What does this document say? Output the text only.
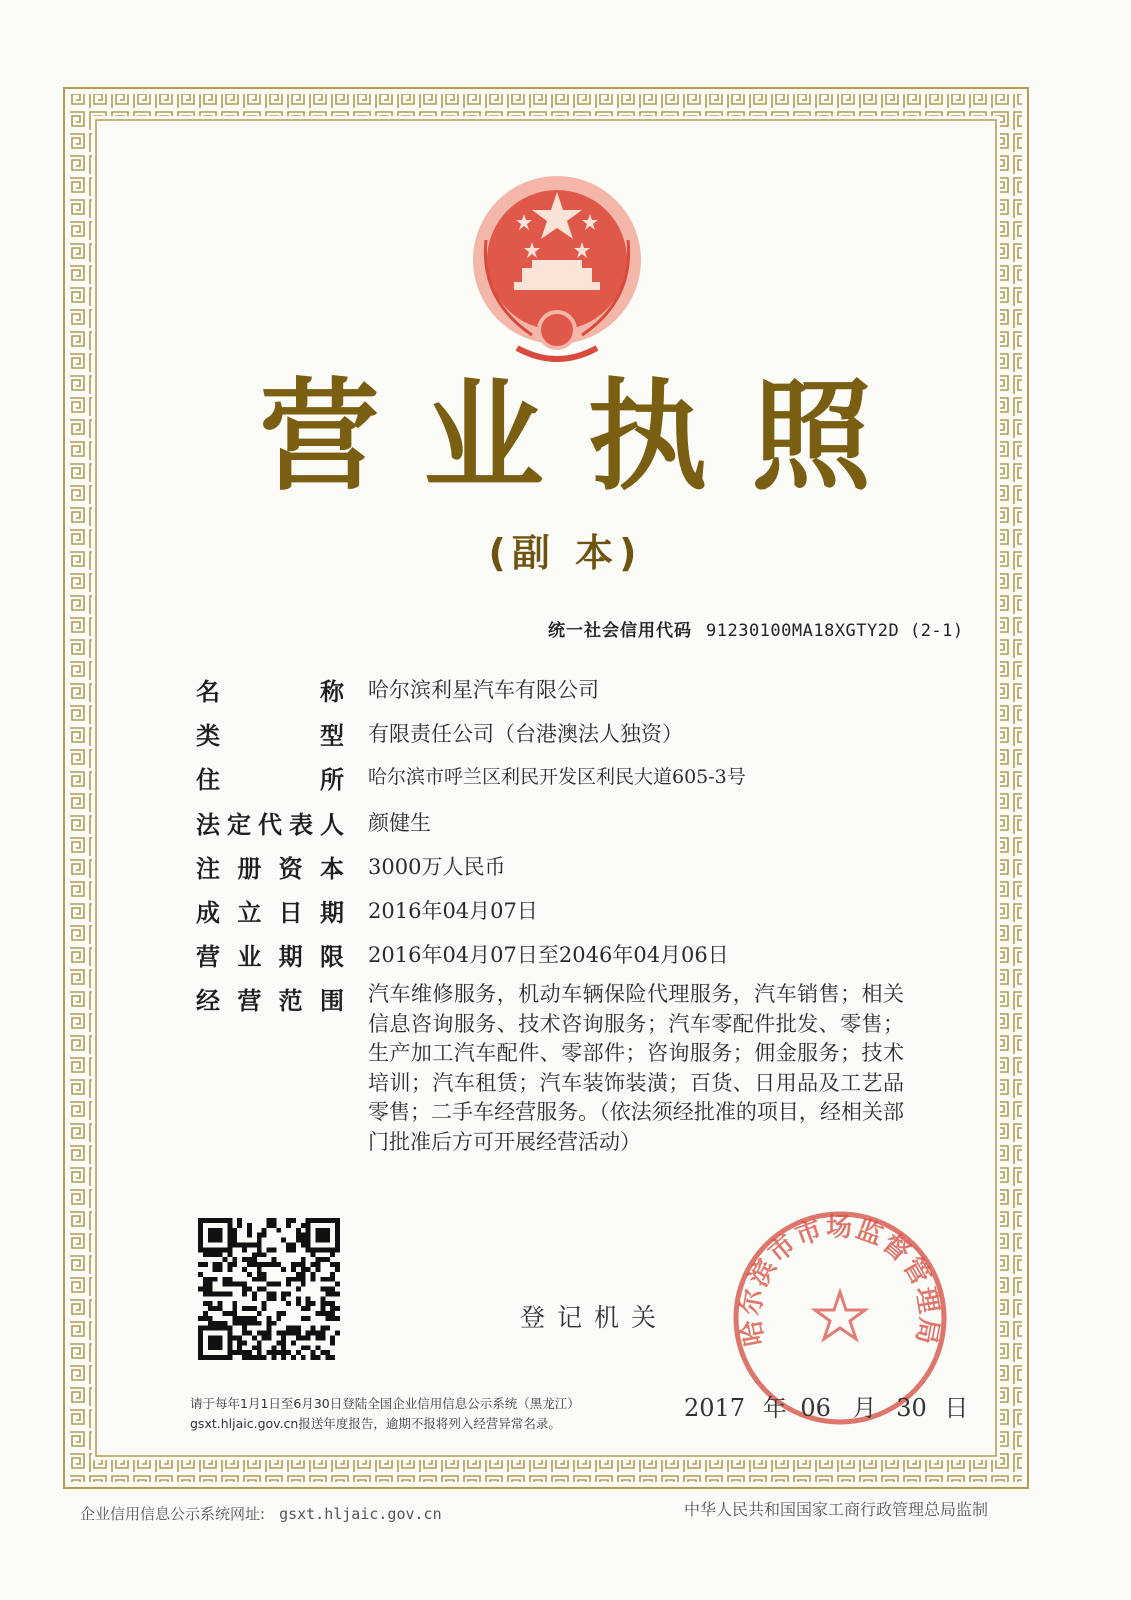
营业执照
(副 本)
统一社会信用代码 91230100MA18XGTY2D (2-1)
名称 哈尔滨利星汽车有限公司
类型 有限责任公司（台港澳法人独资）
住所 哈尔滨市呼兰区利民开发区利民大道605-3号
法定代表人 颜健生
注册资本 3000万人民币
成立日期 2016年04月07日
营业期限 2016年04月07日至2046年04月06日
经营范围 汽车维修服务，机动车辆保险代理服务，汽车销售；相关信息咨询服务、技术咨询服务；汽车零配件批发、零售；生产加工汽车配件、零部件；咨询服务；佣金服务；技术培训；汽车租赁；汽车装饰装潢；百货、日用品及工艺品零售；二手车经营服务。（依法须经批准的项目，经相关部门批准后方可开展经营活动）
登记机关	哈尔滨市市场监督管理局
请于每年1月1日至6月30日登陆全国企业信用信息公示系统（黑龙江）
gsxt.hljaic.gov.cn报送年度报告，逾期不报将列入经营异常名录。
2017 年 06 月 30 日
企业信用信息公示系统网址: gsxt.hljaic.gov.cn	中华人民共和国国家工商行政管理总局监制
